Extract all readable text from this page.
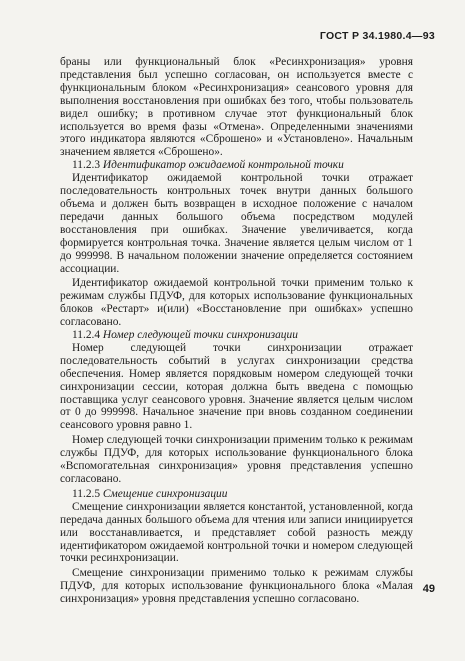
ГОСТ Р 34.1980.4—93

браны или функциональный блок «Ресинхронизация» уровня представления был успешно согласован, он используется вместе с функциональным блоком «Ресинхронизация» сеансового уровня для выполнения восстановления при ошибках без того, чтобы пользователь видел ошибку; в противном случае этот функциональный блок используется во время фазы «Отмена». Определенными значениями этого индикатора являются «Сброшено» и «Установлено». Начальным значением является «Сброшено».

11.2.3 Идентификатор ожидаемой контрольной точки

Идентификатор ожидаемой контрольной точки отражает последовательность контрольных точек внутри данных большого объема и должен быть возвращен в исходное положение с началом передачи данных большого объема посредством модулей восстановления при ошибках. Значение увеличивается, когда формируется контрольная точка. Значение является целым числом от 1 до 999998. В начальном положении значение определяется состоянием ассоциации.

Идентификатор ожидаемой контрольной точки применим только к режимам службы ПДУФ, для которых использование функциональных блоков «Рестарт» и(или) «Восстановление при ошибках» успешно согласовано.

11.2.4 Номер следующей точки синхронизации

Номер следующей точки синхронизации отражает последовательность событий в услугах синхронизации средства обеспечения. Номер является порядковым номером следующей точки синхронизации сессии, которая должна быть введена с помощью поставщика услуг сеансового уровня. Значение является целым числом от 0 до 999998. Начальное значение при вновь созданном соединении сеансового уровня равно 1.

Номер следующей точки синхронизации применим только к режимам службы ПДУФ, для которых использование функционального блока «Вспомогательная синхронизация» уровня представления успешно согласовано.

11.2.5 Смещение синхронизации

Смещение синхронизации является константой, установленной, когда передача данных большого объема для чтения или записи инициируется или восстанавливается, и представляет собой разность между идентификатором ожидаемой контрольной точки и номером следующей точки ресинхронизации.

Смещение синхронизации применимо только к режимам службы ПДУФ, для которых использование функционального блока «Малая синхронизация» уровня представления успешно согласовано.

49
